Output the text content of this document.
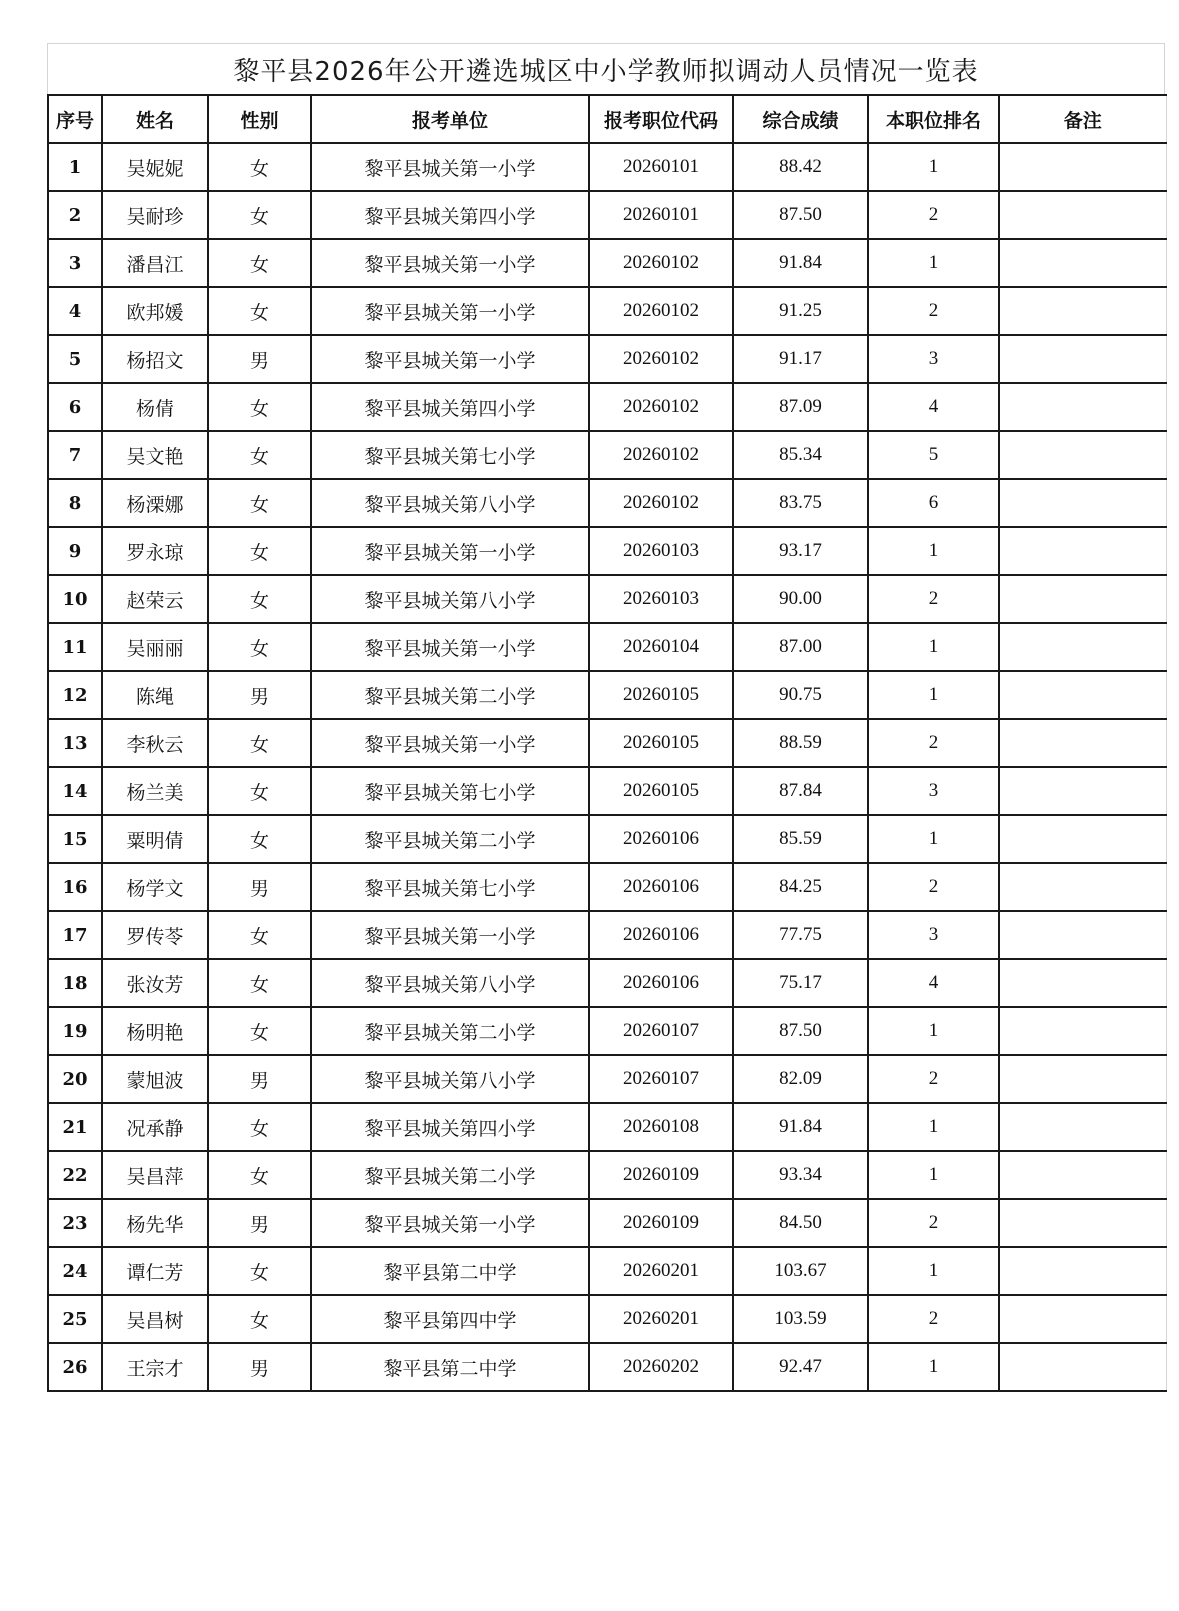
黎平县2026年公开遴选城区中小学教师拟调动人员情况一览表
序号	姓名	性别	报考单位	报考职位代码	综合成绩	本职位排名	备注
1	吴妮妮	女	黎平县城关第一小学	20260101	88.42	1	
2	吴耐珍	女	黎平县城关第四小学	20260101	87.50	2	
3	潘昌江	女	黎平县城关第一小学	20260102	91.84	1	
4	欧邦媛	女	黎平县城关第一小学	20260102	91.25	2	
5	杨招文	男	黎平县城关第一小学	20260102	91.17	3	
6	杨倩	女	黎平县城关第四小学	20260102	87.09	4	
7	吴文艳	女	黎平县城关第七小学	20260102	85.34	5	
8	杨溧娜	女	黎平县城关第八小学	20260102	83.75	6	
9	罗永琼	女	黎平县城关第一小学	20260103	93.17	1	
10	赵荣云	女	黎平县城关第八小学	20260103	90.00	2	
11	吴丽丽	女	黎平县城关第一小学	20260104	87.00	1	
12	陈绳	男	黎平县城关第二小学	20260105	90.75	1	
13	李秋云	女	黎平县城关第一小学	20260105	88.59	2	
14	杨兰美	女	黎平县城关第七小学	20260105	87.84	3	
15	粟明倩	女	黎平县城关第二小学	20260106	85.59	1	
16	杨学文	男	黎平县城关第七小学	20260106	84.25	2	
17	罗传苓	女	黎平县城关第一小学	20260106	77.75	3	
18	张汝芳	女	黎平县城关第八小学	20260106	75.17	4	
19	杨明艳	女	黎平县城关第二小学	20260107	87.50	1	
20	蒙旭波	男	黎平县城关第八小学	20260107	82.09	2	
21	况承静	女	黎平县城关第四小学	20260108	91.84	1	
22	吴昌萍	女	黎平县城关第二小学	20260109	93.34	1	
23	杨先华	男	黎平县城关第一小学	20260109	84.50	2	
24	谭仁芳	女	黎平县第二中学	20260201	103.67	1	
25	吴昌树	女	黎平县第四中学	20260201	103.59	2	
26	王宗才	男	黎平县第二中学	20260202	92.47	1	
